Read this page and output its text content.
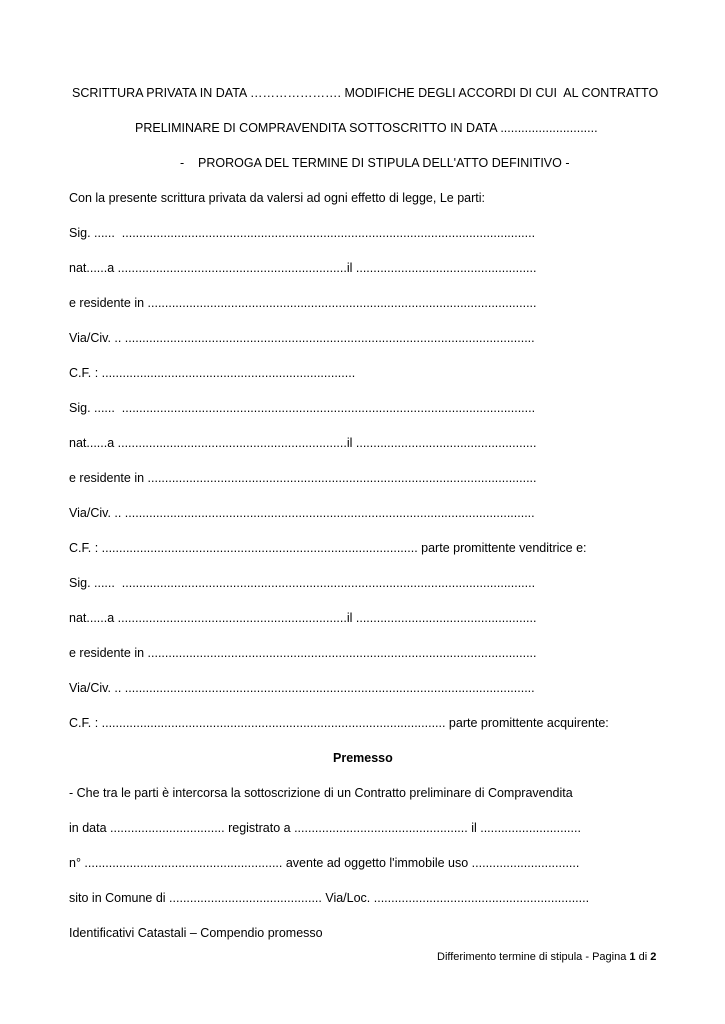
SCRITTURA PRIVATA IN DATA …………………. MODIFICHE DEGLI ACCORDI DI CUI  AL CONTRATTO
PRELIMINARE DI COMPRAVENDITA SOTTOSCRITTO IN DATA ............................
-    PROROGA DEL TERMINE DI STIPULA DELL'ATTO DEFINITIVO -
Con la presente scrittura privata da valersi ad ogni effetto di legge, Le parti:
Sig. ......  .......................................................................................................................
nat......a ..................................................................il ....................................................
e residente in ................................................................................................................
Via/Civ. .. ......................................................................................................................
C.F. : .........................................................................
Sig. ......  .......................................................................................................................
nat......a ..................................................................il ....................................................
e residente in ................................................................................................................
Via/Civ. .. ......................................................................................................................
C.F. : ........................................................................................... parte promittente venditrice e:
Sig. ......  .......................................................................................................................
nat......a ..................................................................il ....................................................
e residente in ................................................................................................................
Via/Civ. .. ......................................................................................................................
C.F. : ................................................................................................... parte promittente acquirente:
Premesso
- Che tra le parti è intercorsa la sottoscrizione di un Contratto preliminare di Compravendita
in data ................................. registrato a .................................................. il .............................
n° ......................................................... avente ad oggetto l'immobile uso ...............................
sito in Comune di ............................................ Via/Loc. ..............................................................
Identificativi Catastali – Compendio promesso
Differimento termine di stipula - Pagina 1 di 2
